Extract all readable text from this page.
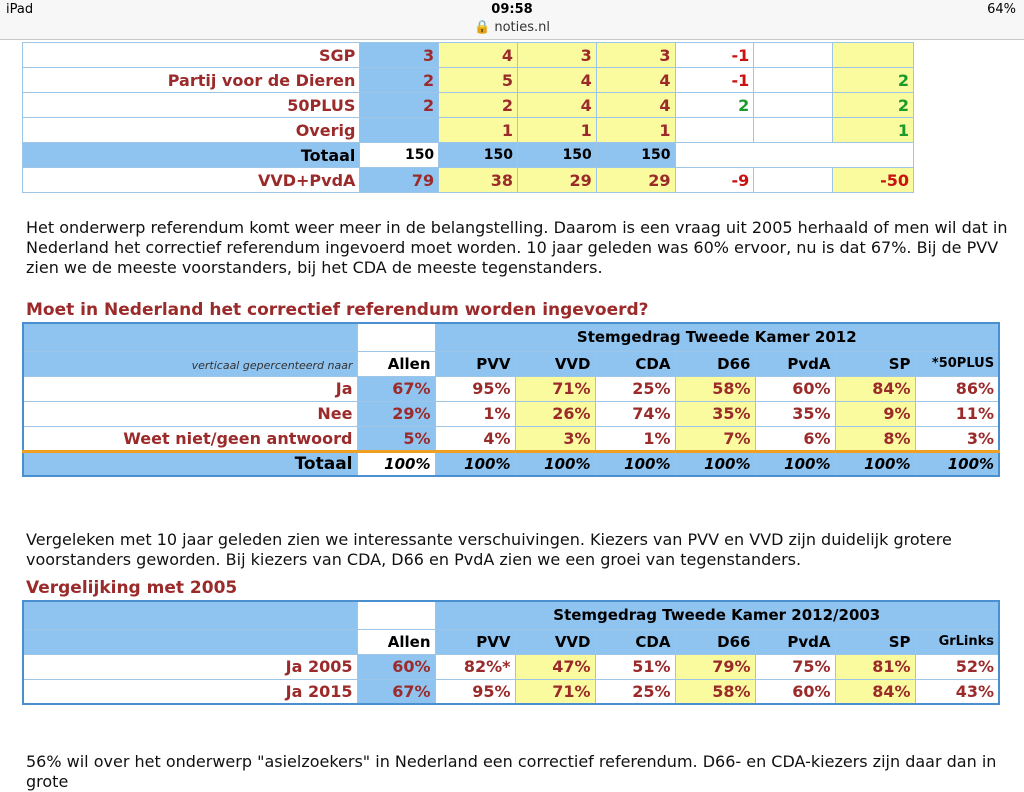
iPad	09:58	64%
🔒 noties.nl
SGP	3	4	3	3	-1		
Partij voor de Dieren	2	5	4	4	-1		2
50PLUS	2	2	4	4	2		2
Overig		1	1	1			1
Totaal	150	150	150	150			
VVD+PvdA	79	38	29	29	-9		-50

Het onderwerp referendum komt weer meer in de belangstelling. Daarom is een vraag uit 2005 herhaald of men wil dat in Nederland het correctief referendum ingevoerd moet worden. 10 jaar geleden was 60% ervoor, nu is dat 67%. Bij de PVV zien we de meeste voorstanders, bij het CDA de meeste tegenstanders.

Moet in Nederland het correctief referendum worden ingevoerd?
		Stemgedrag Tweede Kamer 2012						
verticaal gepercenteerd naar	Allen	PVV	VVD	CDA	D66	PvdA	SP	*50PLUS
Ja	67%	95%	71%	25%	58%	60%	84%	86%
Nee	29%	1%	26%	74%	35%	35%	9%	11%
Weet niet/geen antwoord	5%	4%	3%	1%	7%	6%	8%	3%
Totaal	100%	100%	100%	100%	100%	100%	100%	100%

Vergeleken met 10 jaar geleden zien we interessante verschuivingen. Kiezers van PVV en VVD zijn duidelijk grotere voorstanders geworden. Bij kiezers van CDA, D66 en PvdA zien we een groei van tegenstanders.

Vergelijking met 2005
		Stemgedrag Tweede Kamer 2012/2003						
	Allen	PVV	VVD	CDA	D66	PvdA	SP	GrLinks
Ja 2005	60%	82%*	47%	51%	79%	75%	81%	52%
Ja 2015	67%	95%	71%	25%	58%	60%	84%	43%

56% wil over het onderwerp "asielzoekers" in Nederland een correctief referendum. D66- en CDA-kiezers zijn daar dan in grote
